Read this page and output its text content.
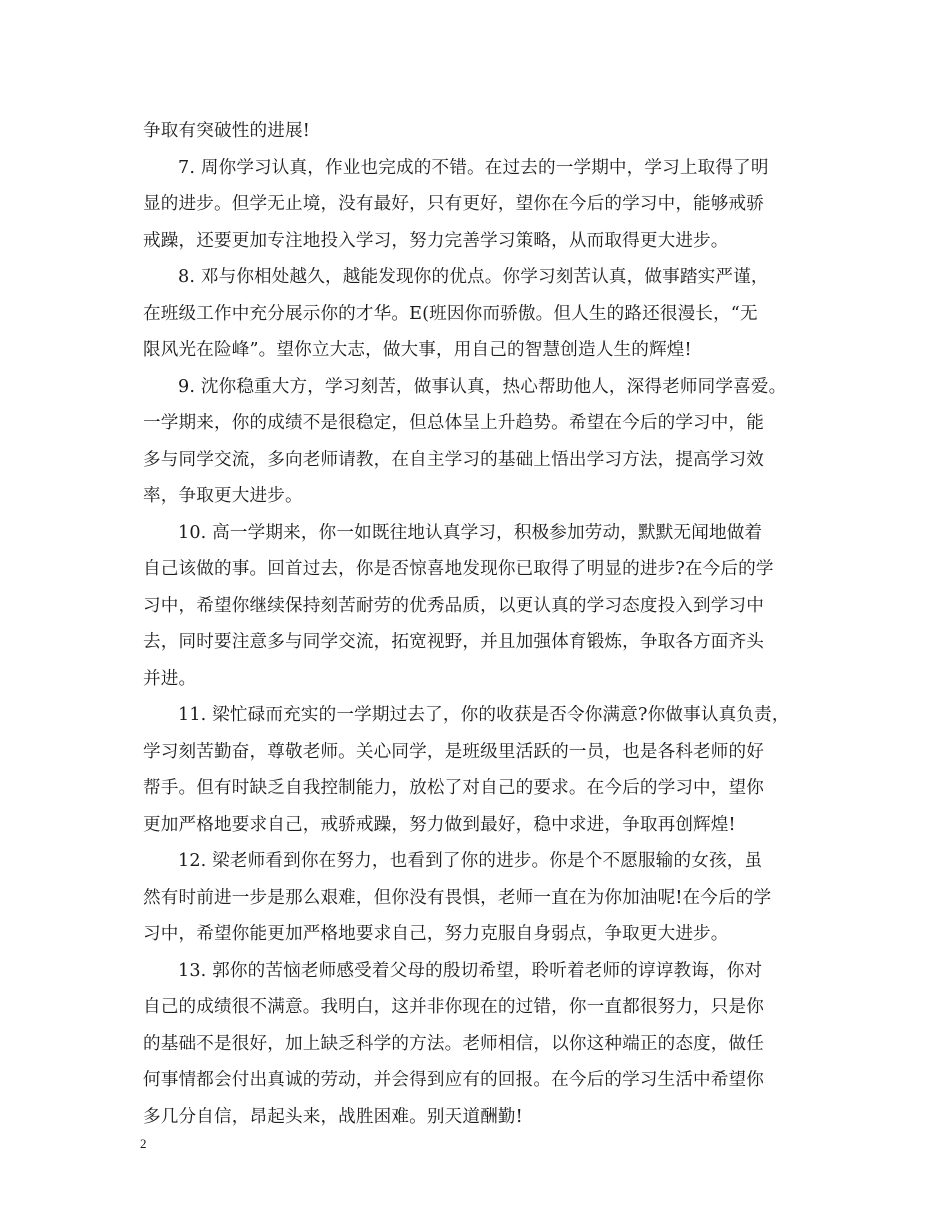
争取有突破性的进展!
7. 周你学习认真，作业也完成的不错。在过去的一学期中，学习上取得了明
显的进步。但学无止境，没有最好，只有更好，望你在今后的学习中，能够戒骄
戒躁，还要更加专注地投入学习，努力完善学习策略，从而取得更大进步。
8. 邓与你相处越久，越能发现你的优点。你学习刻苦认真，做事踏实严谨，
在班级工作中充分展示你的才华。E(班因你而骄傲。但人生的路还很漫长，“无
限风光在险峰”。望你立大志，做大事，用自己的智慧创造人生的辉煌!
9. 沈你稳重大方，学习刻苦，做事认真，热心帮助他人，深得老师同学喜爱。
一学期来，你的成绩不是很稳定，但总体呈上升趋势。希望在今后的学习中，能
多与同学交流，多向老师请教，在自主学习的基础上悟出学习方法，提高学习效
率，争取更大进步。
10. 高一学期来，你一如既往地认真学习，积极参加劳动，默默无闻地做着
自己该做的事。回首过去，你是否惊喜地发现你已取得了明显的进步?在今后的学
习中，希望你继续保持刻苦耐劳的优秀品质，以更认真的学习态度投入到学习中
去，同时要注意多与同学交流，拓宽视野，并且加强体育锻炼，争取各方面齐头
并进。
11. 梁忙碌而充实的一学期过去了，你的收获是否令你满意?你做事认真负责，
学习刻苦勤奋，尊敬老师。关心同学，是班级里活跃的一员，也是各科老师的好
帮手。但有时缺乏自我控制能力，放松了对自己的要求。在今后的学习中，望你
更加严格地要求自己，戒骄戒躁，努力做到最好，稳中求进，争取再创辉煌!
12. 梁老师看到你在努力，也看到了你的进步。你是个不愿服输的女孩，虽
然有时前进一步是那么艰难，但你没有畏惧，老师一直在为你加油呢!在今后的学
习中，希望你能更加严格地要求自己，努力克服自身弱点，争取更大进步。
13. 郭你的苦恼老师感受着父母的殷切希望，聆听着老师的谆谆教诲，你对
自己的成绩很不满意。我明白，这并非你现在的过错，你一直都很努力，只是你
的基础不是很好，加上缺乏科学的方法。老师相信，以你这种端正的态度，做任
何事情都会付出真诚的劳动，并会得到应有的回报。在今后的学习生活中希望你
多几分自信，昂起头来，战胜困难。别天道酬勤!
2
